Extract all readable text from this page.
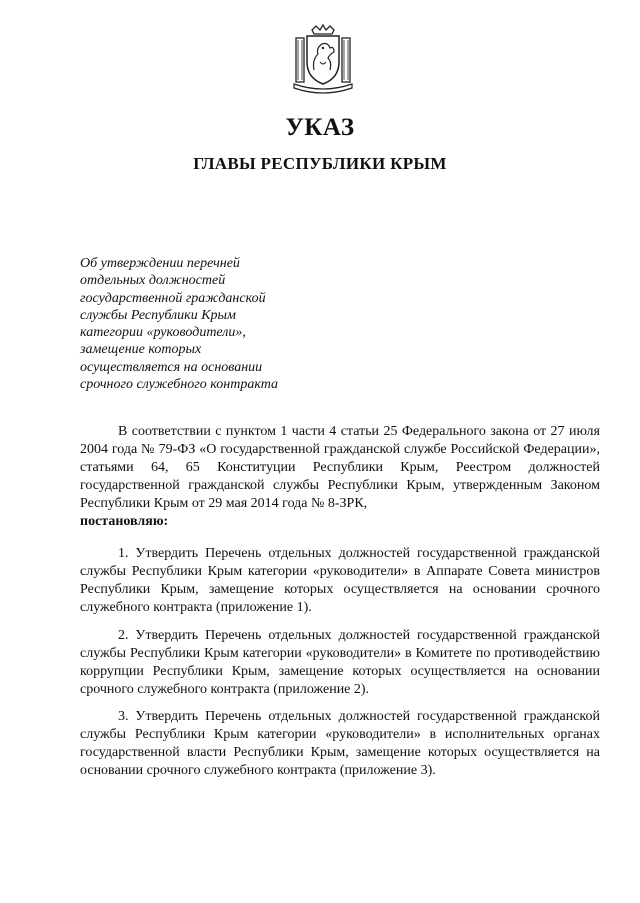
УКАЗ
ГЛАВЫ РЕСПУБЛИКИ КРЫМ
Об утверждении перечней
отдельных должностей
государственной гражданской
службы Республики Крым
категории «руководители»,
замещение которых
осуществляется на основании
срочного служебного контракта
В соответствии с пунктом 1 части 4 статьи 25 Федерального закона от 27 июля 2004 года № 79-ФЗ «О государственной гражданской службе Российской Федерации», статьями 64, 65 Конституции Республики Крым, Реестром должностей государственной гражданской службы Республики Крым, утвержденным Законом Республики Крым от 29 мая 2014 года № 8-ЗРК,
постановляю:

1. Утвердить Перечень отдельных должностей государственной гражданской службы Республики Крым категории «руководители» в Аппарате Совета министров Республики Крым, замещение которых осуществляется на основании срочного служебного контракта (приложение 1).

2. Утвердить Перечень отдельных должностей государственной гражданской службы Республики Крым категории «руководители» в Комитете по противодействию коррупции Республики Крым, замещение которых осуществляется на основании срочного служебного контракта (приложение 2).

3. Утвердить Перечень отдельных должностей государственной гражданской службы Республики Крым категории «руководители» в исполнительных органах государственной власти Республики Крым, замещение которых осуществляется на основании срочного служебного контракта (приложение 3).
